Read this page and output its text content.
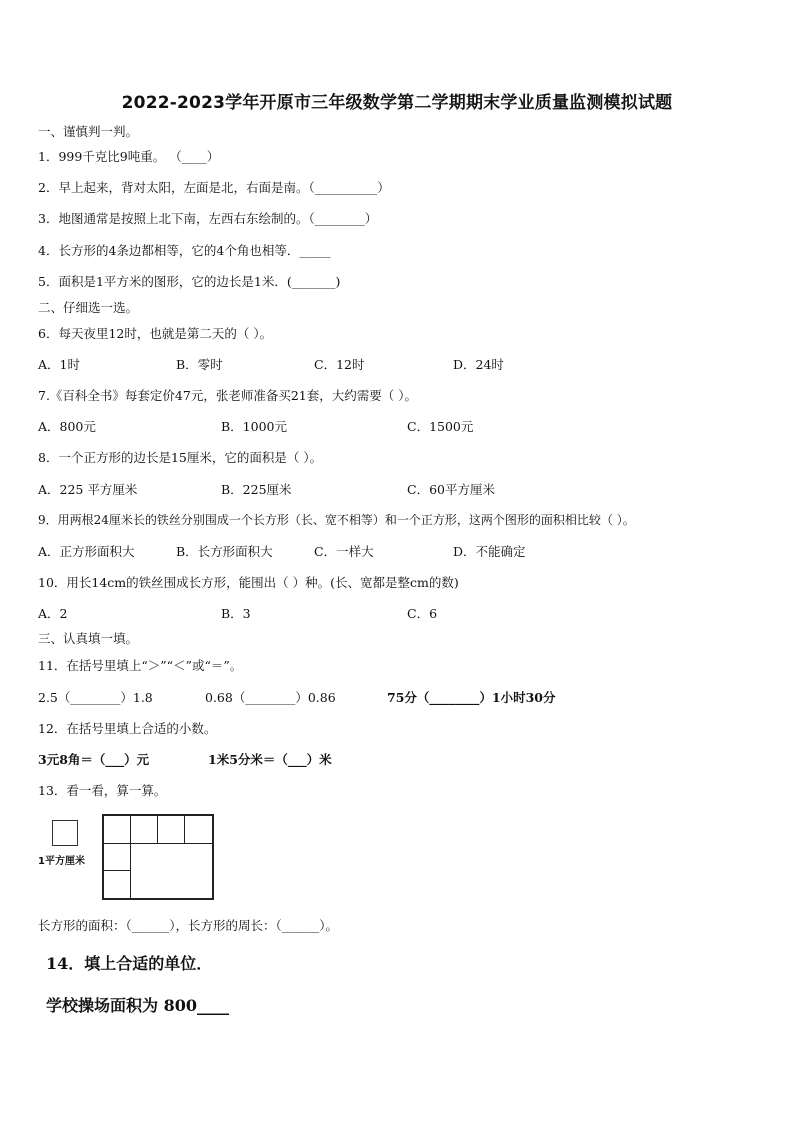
2022-2023学年开原市三年级数学第二学期期末学业质量监测模拟试题
一、谨慎判一判。
1．999千克比9吨重。 （____）
2．早上起来，背对太阳，左面是北，右面是南。（__________）
3．地图通常是按照上北下南，左西右东绘制的。（________）
4．长方形的4条边都相等，它的4个角也相等．_____
5．面积是1平方米的图形，它的边长是1米．(_______)
二、仔细选一选。
6．每天夜里12时，也就是第二天的（ ）。
A．1时	B．零时	C．12时	D．24时
7.《百科全书》每套定价47元，张老师准备买21套，大约需要（ ）。
A．800元	B．1000元	C．1500元
8．一个正方形的边长是15厘米，它的面积是（ ）。
A．225 平方厘米	B．225厘米	C．60平方厘米
9．用两根24厘米长的铁丝分别围成一个长方形（长、宽不相等）和一个正方形，这两个图形的面积相比较（ ）。
A．正方形面积大	B．长方形面积大	C．一样大	D．不能确定
10．用长14cm的铁丝围成长方形，能围出（ ）种。(长、宽都是整cm的数)
A．2	B．3	C．6
三、认真填一填。
11．在括号里填上“＞”“＜”或“＝”。
2.5（________）1.8	0.68（________）0.86	75分（________）1小时30分
12．在括号里填上合适的小数。
3元8角＝（___）元	1米5分米＝（___）米
13．看一看，算一算。
1平方厘米
长方形的面积：（______），长方形的周长：（______）。
14．填上合适的单位．
学校操场面积为 800____
